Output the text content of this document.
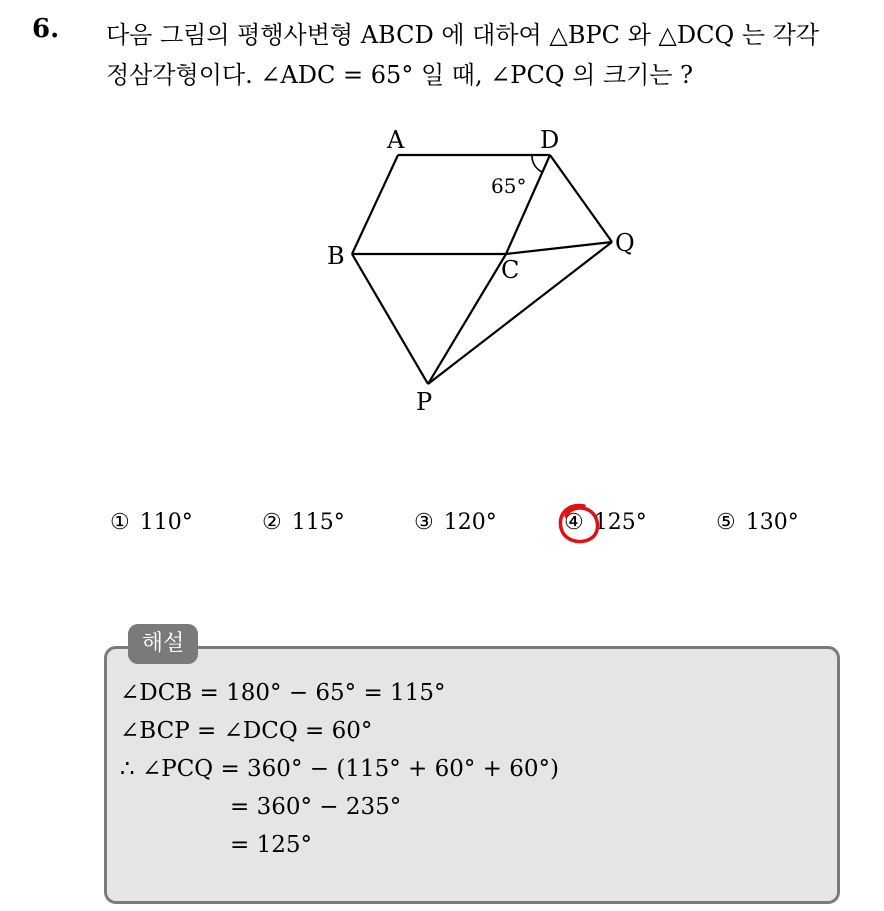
6. 다음 그림의 평행사변형 ABCD 에 대하여 △BPC 와 △DCQ 는 각각
정삼각형이다. ∠ADC = 65° 일 때, ∠PCQ 의 크기는 ?
A	D
B	C
Q
P
65°
① 110°	② 115°	③ 120°	④ 125°	⑤ 130°
해설
∠DCB = 180° − 65° = 115°
∠BCP = ∠DCQ = 60°
∴ ∠PCQ = 360° − (115° + 60° + 60°)
= 360° − 235°
= 125°
